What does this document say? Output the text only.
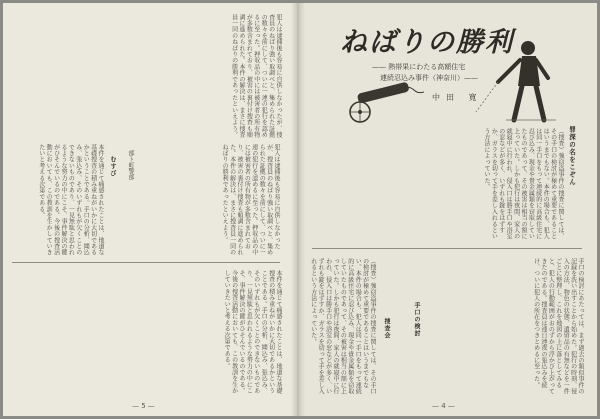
ねばりの勝利
—— 熱帯果にわたる高額住宅
連続忍込み事件（神奈川）——
中田 寛
罪深の名をこぞん
（捜査）強窃盗事件の捜査に関しては、その手口の検討が極めて重要であることはいうまでもない。本件の場合も、犯人は同一手口をもって連続的に高級住宅に忍び込み、現金や貴金属類を窃取していたものであって、その被害は相当の額に上っていた。しかも犯行は夜間、家人の就寝中に行われ、侵入口は勝手口や浴室の窓などが多く、いずれも錠をはずすか、ガラスを切って手を差し入れるという方法によっていた。
手口の検討
捜査会	手口の検討にあたっては、まず過去の類似事件の記録を洗い出すことから始めた。犯行の時刻、侵入の方法、物色の状態、遺留品の有無などを一件ごとに整理し、これを地図の上に落としてみると、犯人の行動範囲がおのずから浮かび上がってきたのである。捜査員は連日連夜の張込みを続け、ついに犯人の所在をつきとめるに至った。
（捜査）強窃盗事件の捜査に関しては、その手口の検討が極めて重要であることはいうまでもない。本件の場合も、犯人は同一手口をもって連続的に高級住宅に忍び込み、現金や貴金属類を窃取していたものであって、その被害は相当の額に上っていた。しかも犯行は夜間、家人の就寝中に行われ、侵入口は勝手口や浴室の窓などが多く、いずれも錠をはずすか、ガラスを切って手を差し入れるという方法によっていた。
— 4 —
犯人は逮捕後も容易に自供しなかったが、捜査員のねばり強い取調べと、集められた証拠の数々を前にして、ついに一連の犯行を認めるに至った。押収品の中には被害者の所有物が多数含まれており、被害の裏付け捜査も順調に進められた。本件の解決は、まさに捜査員一同のねばりの勝利であったといえよう。
部ト町警部
むすび
本件を通じて痛感されたことは、地道な基礎捜査の積み重ねがいかに大切であるかということである。手口の分析、聞込み、張込み、そのいずれもが欠くことのできないものであり、一見無駄と思われるような努力の中にこそ、事件解決の鍵がひそんでいるのである。今後の捜査活動においても、この教訓を生かしていきたいと考える次第である。	犯人は逮捕後も容易に自供しなかったが、捜査員のねばり強い取調べと、集められた証拠の数々を前にして、ついに一連の犯行を認めるに至った。押収品の中には被害者の所有物が多数含まれており、被害の裏付け捜査も順調に進められた。本件の解決は、まさに捜査員一同のねばりの勝利であったといえよう。
本件を通じて痛感されたことは、地道な基礎捜査の積み重ねがいかに大切であるかということである。手口の分析、聞込み、張込み、そのいずれもが欠くことのできないものであり、一見無駄と思われるような努力の中にこそ、事件解決の鍵がひそんでいるのである。今後の捜査活動においても、この教訓を生かしていきたいと考える次第である。
— 5 —
